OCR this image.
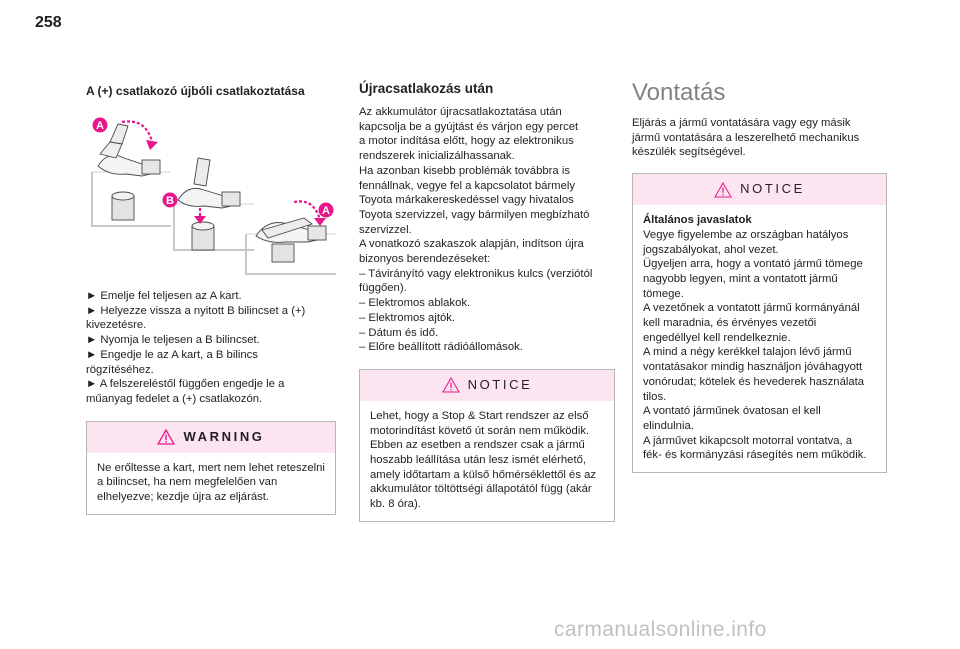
258
A (+) csatlakozó újbóli csatlakoztatása
A
B
A

► Emelje fel teljesen az A kart.

► Helyezze vissza a nyitott B bilincset a (+)

kivezetésre.

► Nyomja le teljesen a B bilincset.

► Engedje le az A kart, a B bilincs

rögzítéséhez.

► A felszereléstől függően engedje le a

műanyag fedelet a (+) csatlakozón.

WARNING

Ne erőltesse a kart, mert nem lehet reteszelni

a bilincset, ha nem megfelelően van

elhelyezve; kezdje újra az eljárást.

Újracsatlakozás után

Az akkumulátor újracsatlakoztatása után

kapcsolja be a gyújtást és várjon egy percet

a motor indítása előtt, hogy az elektronikus

rendszerek inicializálhassanak.

Ha azonban kisebb problémák továbbra is

fennállnak, vegye fel a kapcsolatot bármely

Toyota márkakereskedéssel vagy hivatalos

Toyota szervizzel, vagy bármilyen megbízható

szervizzel.

A vonatkozó szakaszok alapján, indítson újra

bizonyos berendezéseket:

– Távirányító vagy elektronikus kulcs (verziótól

függően).

– Elektromos ablakok.

– Elektromos ajtók.

– Dátum és idő.

– Előre beállított rádióállomások.

NOTICE

Lehet, hogy a Stop & Start rendszer az első

motorindítást követő út során nem működik.

Ebben az esetben a rendszer csak a jármű

hoszabb leállítása után lesz ismét elérhető,

amely időtartam a külső hőmérséklettől és az

akkumulátor töltöttségi állapotától függ (akár

kb. 8 óra).

Vontatás

Eljárás a jármű vontatására vagy egy másik

jármű vontatására a leszerelhető mechanikus

készülék segítségével.

NOTICE

Általános javaslatok

Vegye figyelembe az országban hatályos

jogszabályokat, ahol vezet.

Ügyeljen arra, hogy a vontató jármű tömege

nagyobb legyen, mint a vontatott jármű

tömege.

A vezetőnek a vontatott jármű kormányánál

kell maradnia, és érvényes vezetői

engedéllyel kell rendelkeznie.

A mind a négy kerékkel talajon lévő jármű

vontatásakor mindig használjon jóváhagyott

vonórudat; kötelek és hevederek használata

tilos.

A vontató járműnek óvatosan el kell

elindulnia.

A járművet kikapcsolt motorral vontatva, a

fék- és kormányzási rásegítés nem működik.

carmanualsonline.info
